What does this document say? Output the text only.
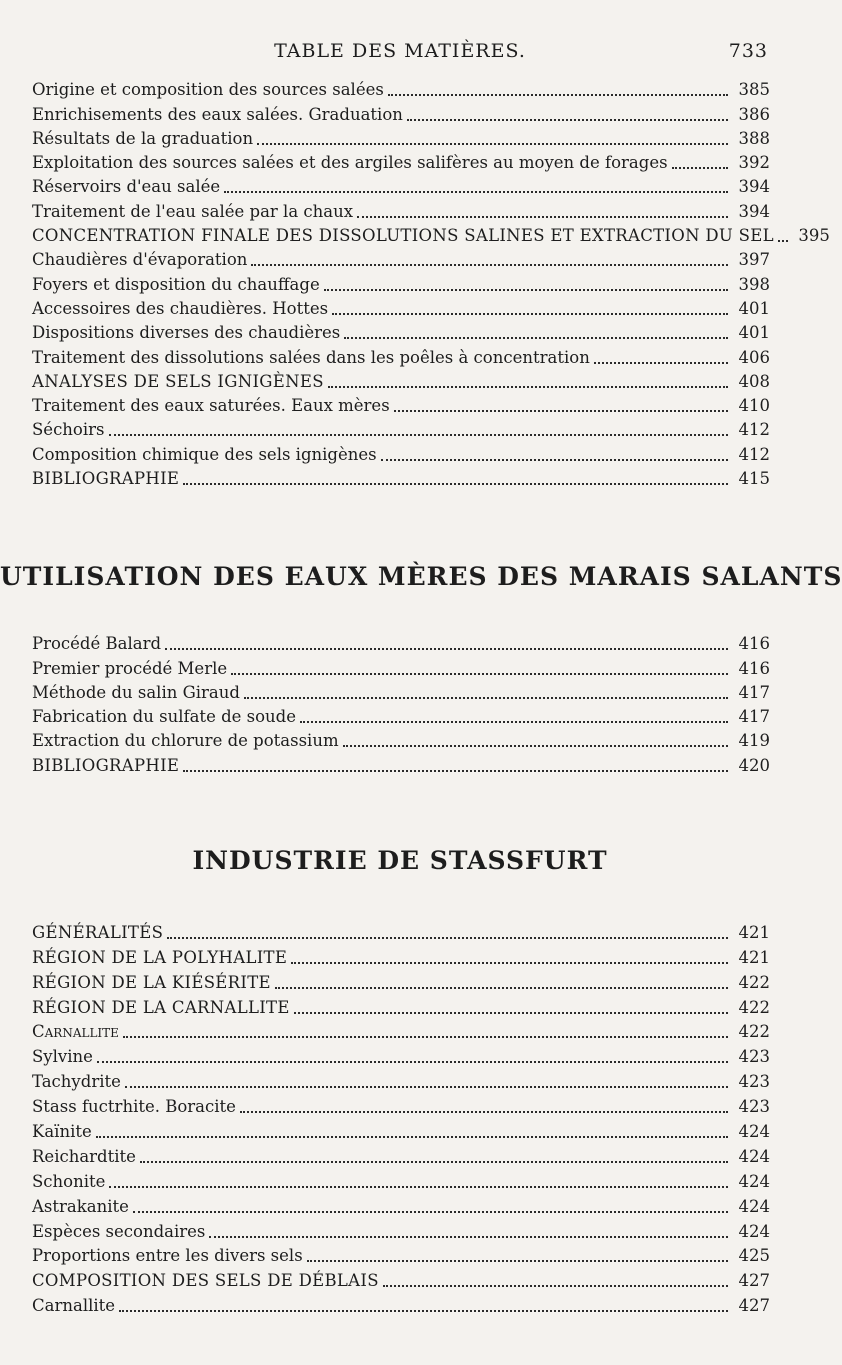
TABLE DES MATIÈRES.	733
Origine et composition des sources salées	385
Enrichisements des eaux salées. Graduation	386
Résultats de la graduation	388
Exploitation des sources salées et des argiles salifères au moyen de forages	392
Réservoirs d'eau salée	394
Traitement de l'eau salée par la chaux	394
CONCENTRATION FINALE DES DISSOLUTIONS SALINES ET EXTRACTION DU SEL 395
Chaudières d'évaporation	397
Foyers et disposition du chauffage	398
Accessoires des chaudières. Hottes	401
Dispositions diverses des chaudières	401
Traitement des dissolutions salées dans les poêles à concentration	406
ANALYSES DE SELS IGNIGÈNES	408
Traitement des eaux saturées. Eaux mères	410
Séchoirs	412
Composition chimique des sels ignigènes	412
BIBLIOGRAPHIE	415
UTILISATION DES EAUX MÈRES DES MARAIS SALANTS
Procédé Balard	416
Premier procédé Merle	416
Méthode du salin Giraud	417
Fabrication du sulfate de soude	417
Extraction du chlorure de potassium	419
BIBLIOGRAPHIE	420
INDUSTRIE DE STASSFURT
GÉNÉRALITÉS	421
RÉGION DE LA POLYHALITE	421
RÉGION DE LA KIÉSÉRITE	422
RÉGION DE LA CARNALLITE	422
Carnallite	422
Sylvine	423
Tachydrite	423
Stass fuctrhite. Boracite	423
Kaïnite	424
Reichardtite	424
Schonite	424
Astrakanite	424
Espèces secondaires	424
Proportions entre les divers sels	425
COMPOSITION DES SELS DE DÉBLAIS	427
Carnallite	427
